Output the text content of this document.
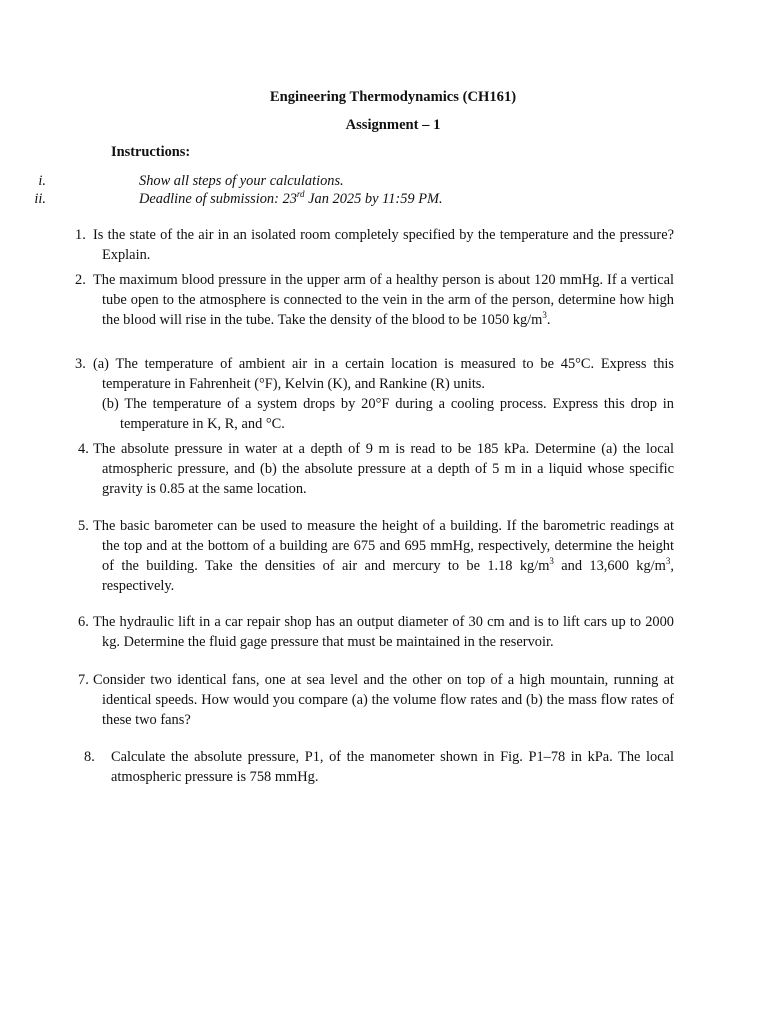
Engineering Thermodynamics (CH161)
Assignment – 1
Instructions:
i.	Show all steps of your calculations.
ii.	Deadline of submission: 23rd Jan 2025 by 11:59 PM.
1. Is the state of the air in an isolated room completely specified by the temperature and the pressure? Explain.
2. The maximum blood pressure in the upper arm of a healthy person is about 120 mmHg. If a vertical tube open to the atmosphere is connected to the vein in the arm of the person, determine how high the blood will rise in the tube. Take the density of the blood to be 1050 $kg/m^3$.
3. (a) The temperature of ambient air in a certain location is measured to be 45°C. Express this temperature in Fahrenheit (°F), Kelvin (K), and Rankine (R) units.
(b) The temperature of a system drops by 20°F during a cooling process. Express this drop in temperature in K, R, and °C.
4. The absolute pressure in water at a depth of 9 m is read to be 185 kPa. Determine (a) the local atmospheric pressure, and (b) the absolute pressure at a depth of 5 m in a liquid whose specific gravity is 0.85 at the same location.
5. The basic barometer can be used to measure the height of a building. If the barometric readings at the top and at the bottom of a building are 675 and 695 mmHg, respectively, determine the height of the building. Take the densities of air and mercury to be 1.18 $kg/m^3$ and 13,600 $kg/m^3$, respectively.
6. The hydraulic lift in a car repair shop has an output diameter of 30 cm and is to lift cars up to 2000 kg. Determine the fluid gage pressure that must be maintained in the reservoir.
7. Consider two identical fans, one at sea level and the other on top of a high mountain, running at identical speeds. How would you compare (a) the volume flow rates and (b) the mass flow rates of these two fans?
8. Calculate the absolute pressure, P1, of the manometer shown in Fig. P1–78 in kPa. The local atmospheric pressure is 758 mmHg.
